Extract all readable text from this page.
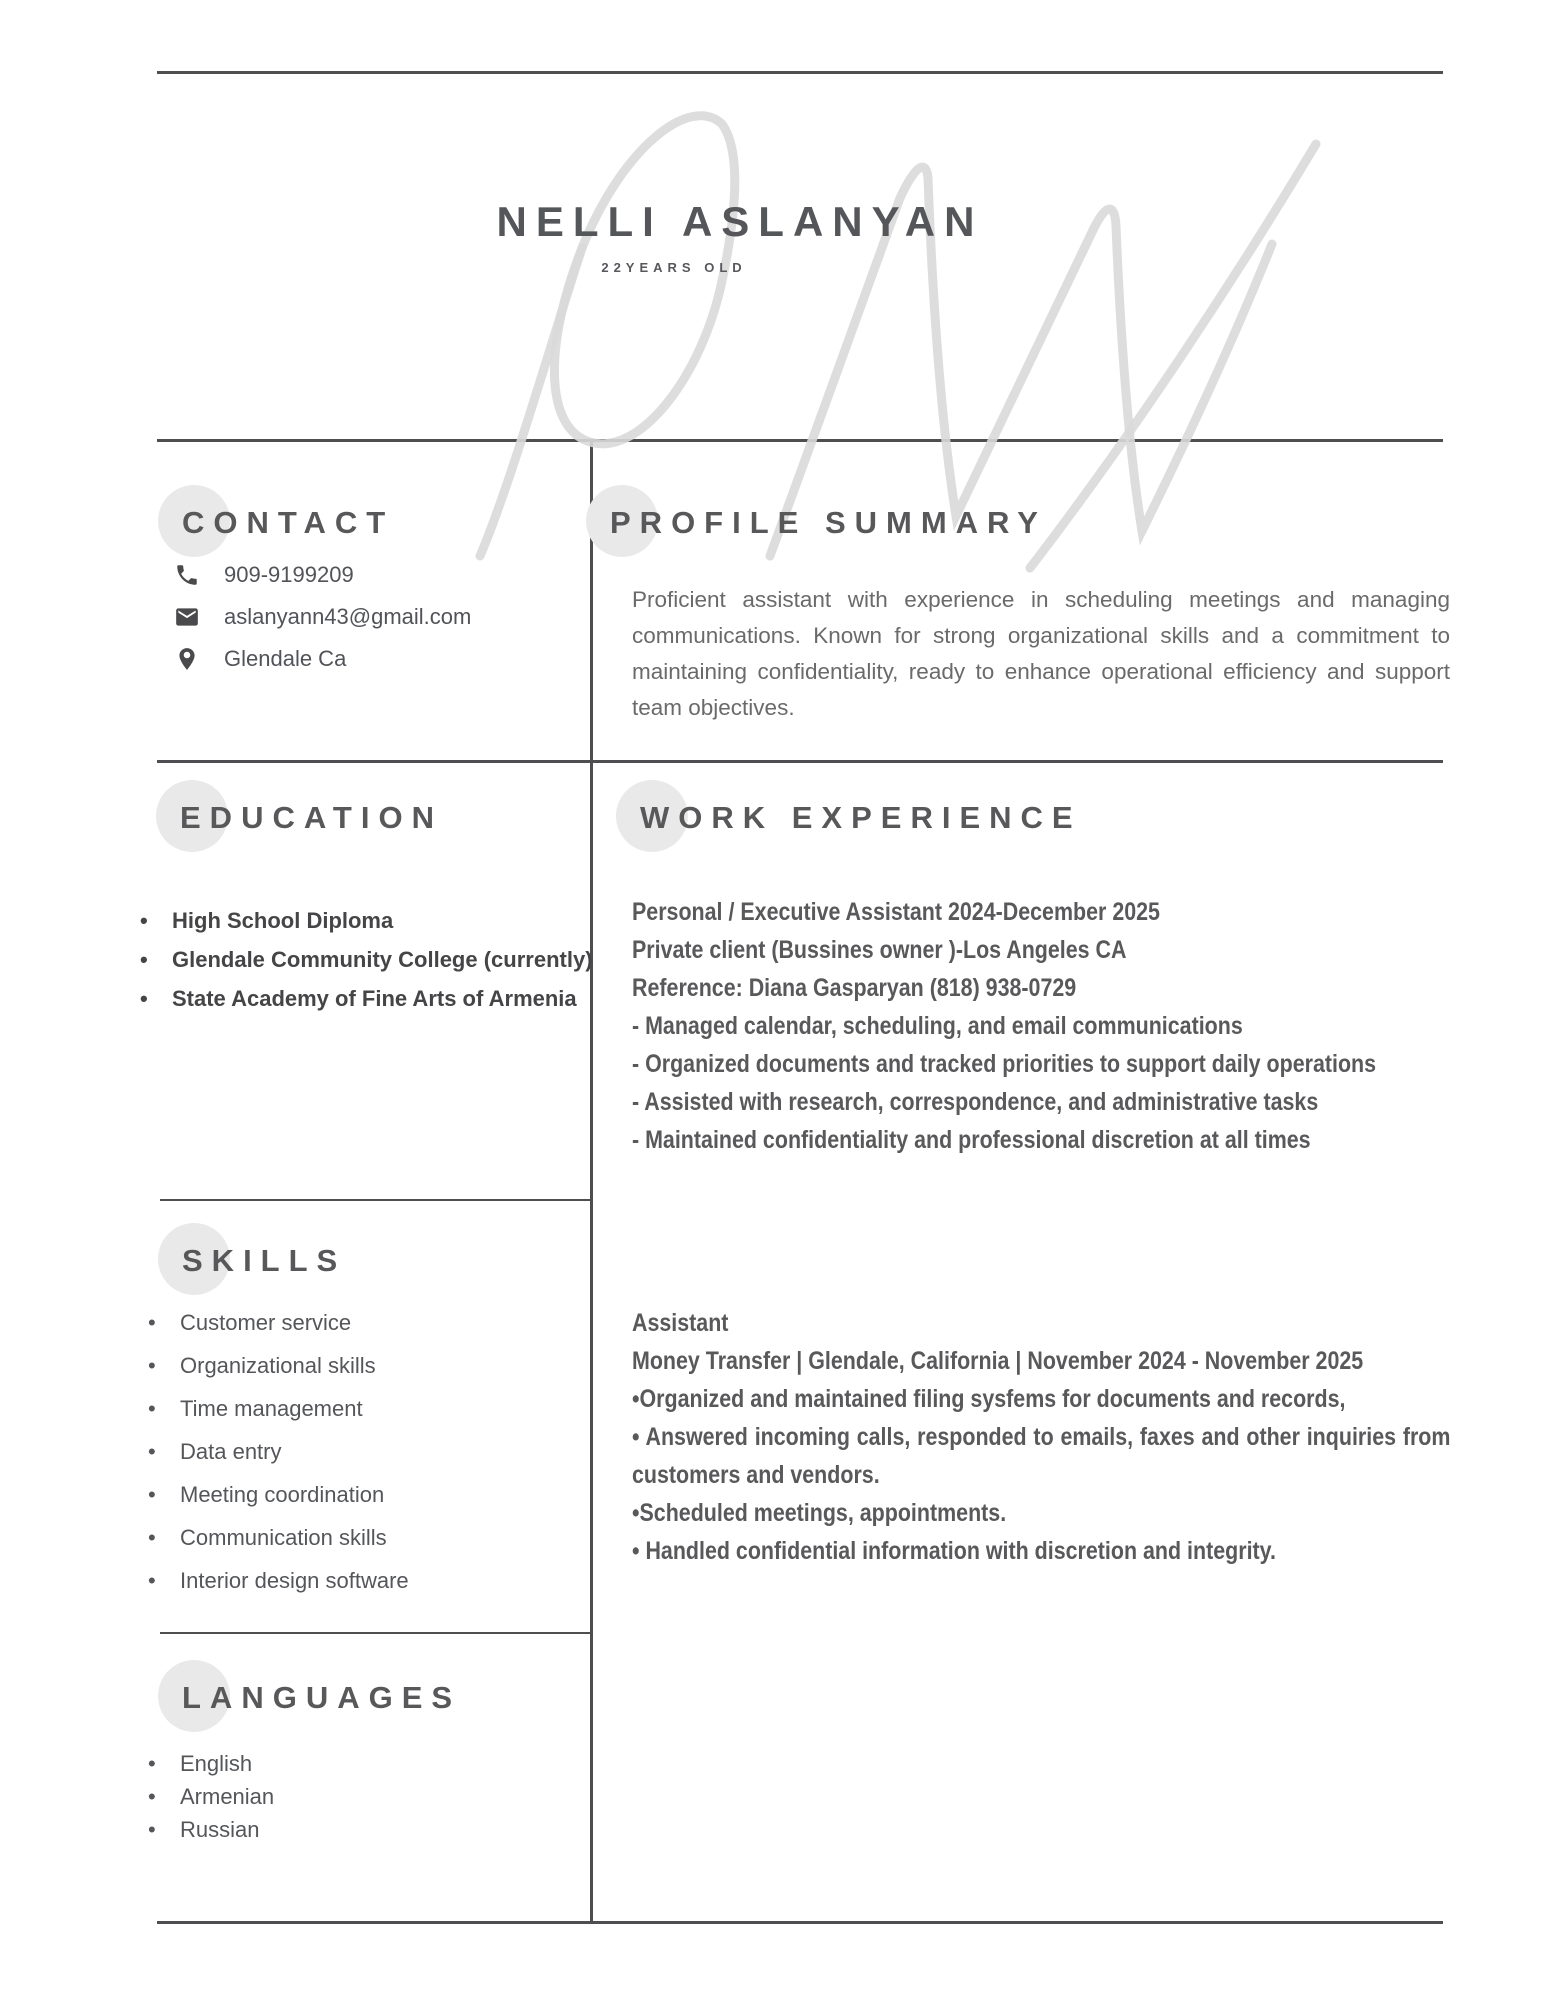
NELLI ASLANYAN

22YEARS OLD

CONTACT
909-9199209
aslanyann43@gmail.com
Glendale Ca
PROFILE SUMMARY

Proficient assistant with experience in scheduling meetings and managing communications. Known for strong organizational skills and a commitment to maintaining confidentiality, ready to enhance operational efficiency and support team objectives.

EDUCATION
• High School Diploma
• Glendale Community College (currently)
• State Academy of Fine Arts of Armenia
WORK EXPERIENCE

Personal / Executive Assistant 2024-December 2025

Private client (Bussines owner )-Los Angeles CA

Reference: Diana Gasparyan (818) 938-0729

- Managed calendar, scheduling, and email communications

- Organized documents and tracked priorities to support daily operations

- Assisted with research, correspondence, and administrative tasks

- Maintained confidentiality and professional discretion at all times

Assistant

Money Transfer | Glendale, California | November 2024 - November 2025

•Organized and maintained filing sysfems for documents and records,

• Answered incoming calls, responded to emails, faxes and other inquiries from customers and vendors.

•Scheduled meetings, appointments.

• Handled confidential information with discretion and integrity.

SKILLS
• Customer service
• Organizational skills
• Time management
• Data entry
• Meeting coordination
• Communication skills
• Interior design software
LANGUAGES
• English
• Armenian
• Russian
